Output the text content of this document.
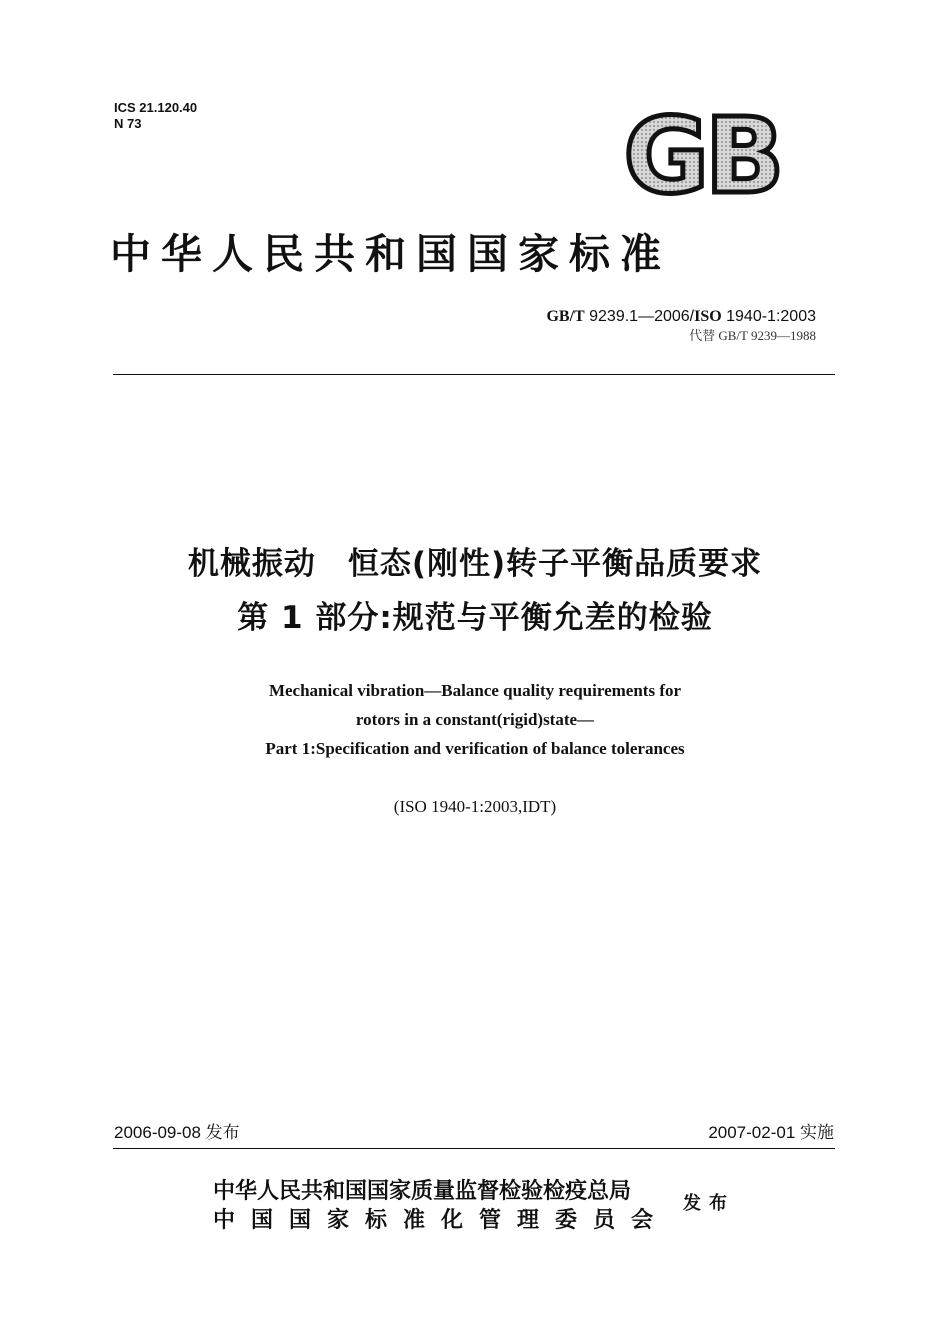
ICS 21.120.40
N 73	GB
中华人民共和国国家标准
GB/T 9239.1—2006/ISO 1940-1:2003
代替 GB/T 9239—1988
机械振动　恒态(刚性)转子平衡品质要求
第 1 部分:规范与平衡允差的检验
Mechanical vibration—Balance quality requirements for
rotors in a constant(rigid)state—
Part 1:Specification and verification of balance tolerances
(ISO 1940-1:2003,IDT)
2006-09-08 发布	2007-02-01 实施
中华人民共和国国家质量监督检验检疫总局
中国国家标准化管理委员会
发布
